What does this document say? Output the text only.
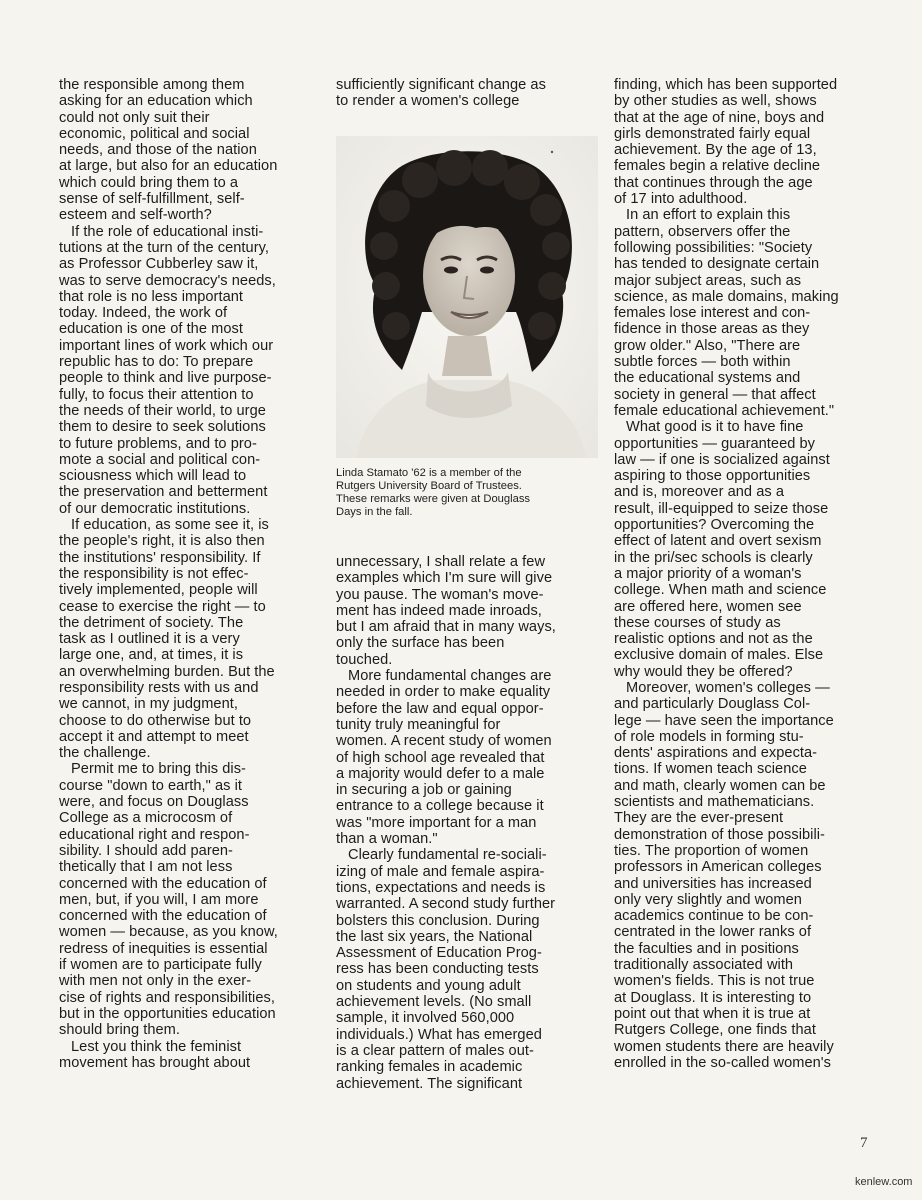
the responsible among them
asking for an education which
could not only suit their
economic, political and social
needs, and those of the nation
at large, but also for an education
which could bring them to a
sense of self-fulfillment, self-
esteem and self-worth?
If the role of educational insti-
tutions at the turn of the century,
as Professor Cubberley saw it,
was to serve democracy's needs,
that role is no less important
today. Indeed, the work of
education is one of the most
important lines of work which our
republic has to do: To prepare
people to think and live purpose-
fully, to focus their attention to
the needs of their world, to urge
them to desire to seek solutions
to future problems, and to pro-
mote a social and political con-
sciousness which will lead to
the preservation and betterment
of our democratic institutions.
If education, as some see it, is
the people's right, it is also then
the institutions' responsibility. If
the responsibility is not effec-
tively implemented, people will
cease to exercise the right — to
the detriment of society. The
task as I outlined it is a very
large one, and, at times, it is
an overwhelming burden. But the
responsibility rests with us and
we cannot, in my judgment,
choose to do otherwise but to
accept it and attempt to meet
the challenge.
Permit me to bring this dis-
course "down to earth," as it
were, and focus on Douglass
College as a microcosm of
educational right and respon-
sibility. I should add paren-
thetically that I am not less
concerned with the education of
men, but, if you will, I am more
concerned with the education of
women — because, as you know,
redress of inequities is essential
if women are to participate fully
with men not only in the exer-
cise of rights and responsibilities,
but in the opportunities education
should bring them.
Lest you think the feminist
movement has brought about
sufficiently significant change as
to render a women's college
Linda Stamato '62 is a member of the
Rutgers University Board of Trustees.
These remarks were given at Douglass
Days in the fall.
unnecessary, I shall relate a few
examples which I'm sure will give
you pause. The woman's move-
ment has indeed made inroads,
but I am afraid that in many ways,
only the surface has been
touched.
More fundamental changes are
needed in order to make equality
before the law and equal oppor-
tunity truly meaningful for
women. A recent study of women
of high school age revealed that
a majority would defer to a male
in securing a job or gaining
entrance to a college because it
was "more important for a man
than a woman."
Clearly fundamental re-sociali-
izing of male and female aspira-
tions, expectations and needs is
warranted. A second study further
bolsters this conclusion. During
the last six years, the National
Assessment of Education Prog-
ress has been conducting tests
on students and young adult
achievement levels. (No small
sample, it involved 560,000
individuals.) What has emerged
is a clear pattern of males out-
ranking females in academic
achievement. The significant
finding, which has been supported
by other studies as well, shows
that at the age of nine, boys and
girls demonstrated fairly equal
achievement. By the age of 13,
females begin a relative decline
that continues through the age
of 17 into adulthood.
In an effort to explain this
pattern, observers offer the
following possibilities: "Society
has tended to designate certain
major subject areas, such as
science, as male domains, making
females lose interest and con-
fidence in those areas as they
grow older." Also, "There are
subtle forces — both within
the educational systems and
society in general — that affect
female educational achievement."
What good is it to have fine
opportunities — guaranteed by
law — if one is socialized against
aspiring to those opportunities
and is, moreover and as a
result, ill-equipped to seize those
opportunities? Overcoming the
effect of latent and overt sexism
in the pri/sec schools is clearly
a major priority of a woman's
college. When math and science
are offered here, women see
these courses of study as
realistic options and not as the
exclusive domain of males. Else
why would they be offered?
Moreover, women's colleges —
and particularly Douglass Col-
lege — have seen the importance
of role models in forming stu-
dents' aspirations and expecta-
tions. If women teach science
and math, clearly women can be
scientists and mathematicians.
They are the ever-present
demonstration of those possibili-
ties. The proportion of women
professors in American colleges
and universities has increased
only very slightly and women
academics continue to be con-
centrated in the lower ranks of
the faculties and in positions
traditionally associated with
women's fields. This is not true
at Douglass. It is interesting to
point out that when it is true at
Rutgers College, one finds that
women students there are heavily
enrolled in the so-called women's
7
kenlew.com
